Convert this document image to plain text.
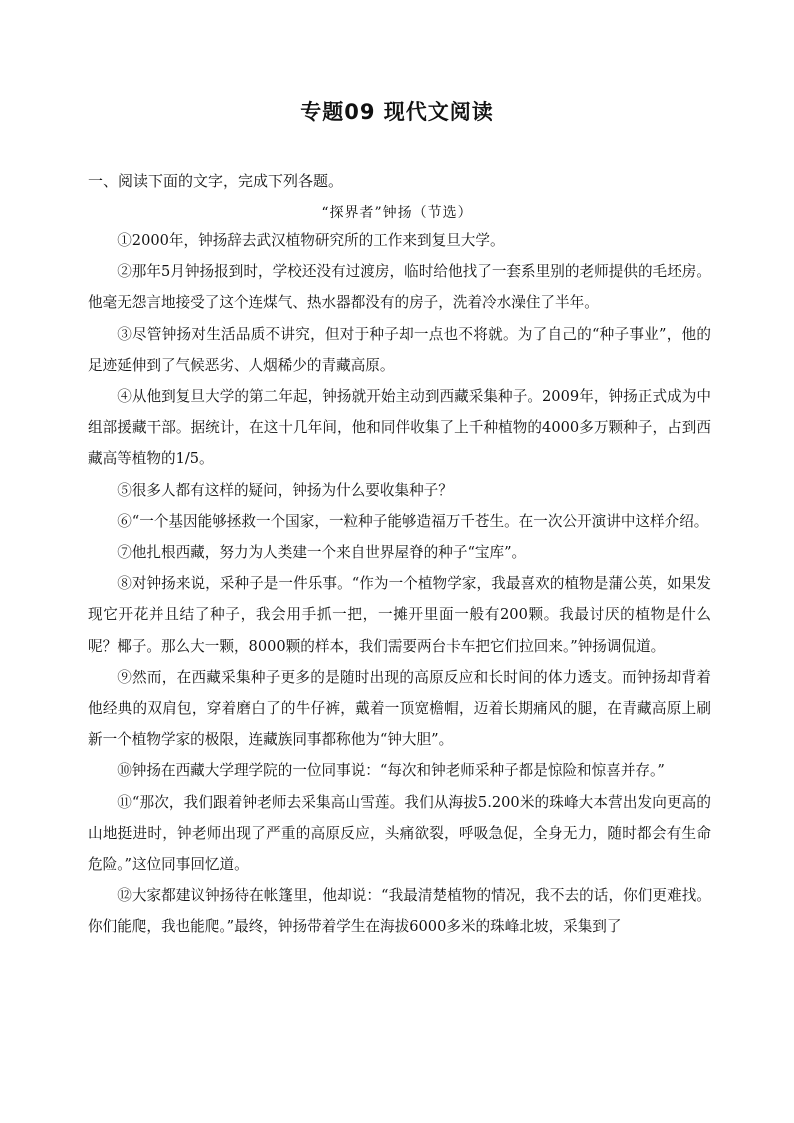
专题09 现代文阅读
一、阅读下面的文字，完成下列各题。
“探界者”钟扬（节选）

①2000年，钟扬辞去武汉植物研究所的工作来到复旦大学。

②那年5月钟扬报到时，学校还没有过渡房，临时给他找了一套系里别的老师提供的毛坯房。他毫无怨言地接受了这个连煤气、热水器都没有的房子，洗着冷水澡住了半年。

③尽管钟扬对生活品质不讲究，但对于种子却一点也不将就。为了自己的“种子事业”，他的足迹延伸到了气候恶劣、人烟稀少的青藏高原。

④从他到复旦大学的第二年起，钟扬就开始主动到西藏采集种子。2009年，钟扬正式成为中组部援藏干部。据统计，在这十几年间，他和同伴收集了上千种植物的4000多万颗种子，占到西藏高等植物的1/5。

⑤很多人都有这样的疑问，钟扬为什么要收集种子？

⑥“一个基因能够拯救一个国家，一粒种子能够造福万千苍生。在一次公开演讲中这样介绍。

⑦他扎根西藏，努力为人类建一个来自世界屋脊的种子“宝库”。

⑧对钟扬来说，采种子是一件乐事。“作为一个植物学家，我最喜欢的植物是蒲公英，如果发现它开花并且结了种子，我会用手抓一把，一摊开里面一般有200颗。我最讨厌的植物是什么呢？椰子。那么大一颗，8000颗的样本，我们需要两台卡车把它们拉回来。”钟扬调侃道。

⑨然而，在西藏采集种子更多的是随时出现的高原反应和长时间的体力透支。而钟扬却背着他经典的双肩包，穿着磨白了的牛仔裤，戴着一顶宽檐帽，迈着长期痛风的腿，在青藏高原上刷新一个植物学家的极限，连藏族同事都称他为“钟大胆”。

⑩钟扬在西藏大学理学院的一位同事说：“每次和钟老师采种子都是惊险和惊喜并存。”

⑪“那次，我们跟着钟老师去采集高山雪莲。我们从海拔5.200米的珠峰大本营出发向更高的山地挺进时，钟老师出现了严重的高原反应，头痛欲裂，呼吸急促，全身无力，随时都会有生命危险。”这位同事回忆道。

⑫大家都建议钟扬待在帐篷里，他却说：“我最清楚植物的情况，我不去的话，你们更难找。你们能爬，我也能爬。”最终，钟扬带着学生在海拔6000多米的珠峰北坡，采集到了
